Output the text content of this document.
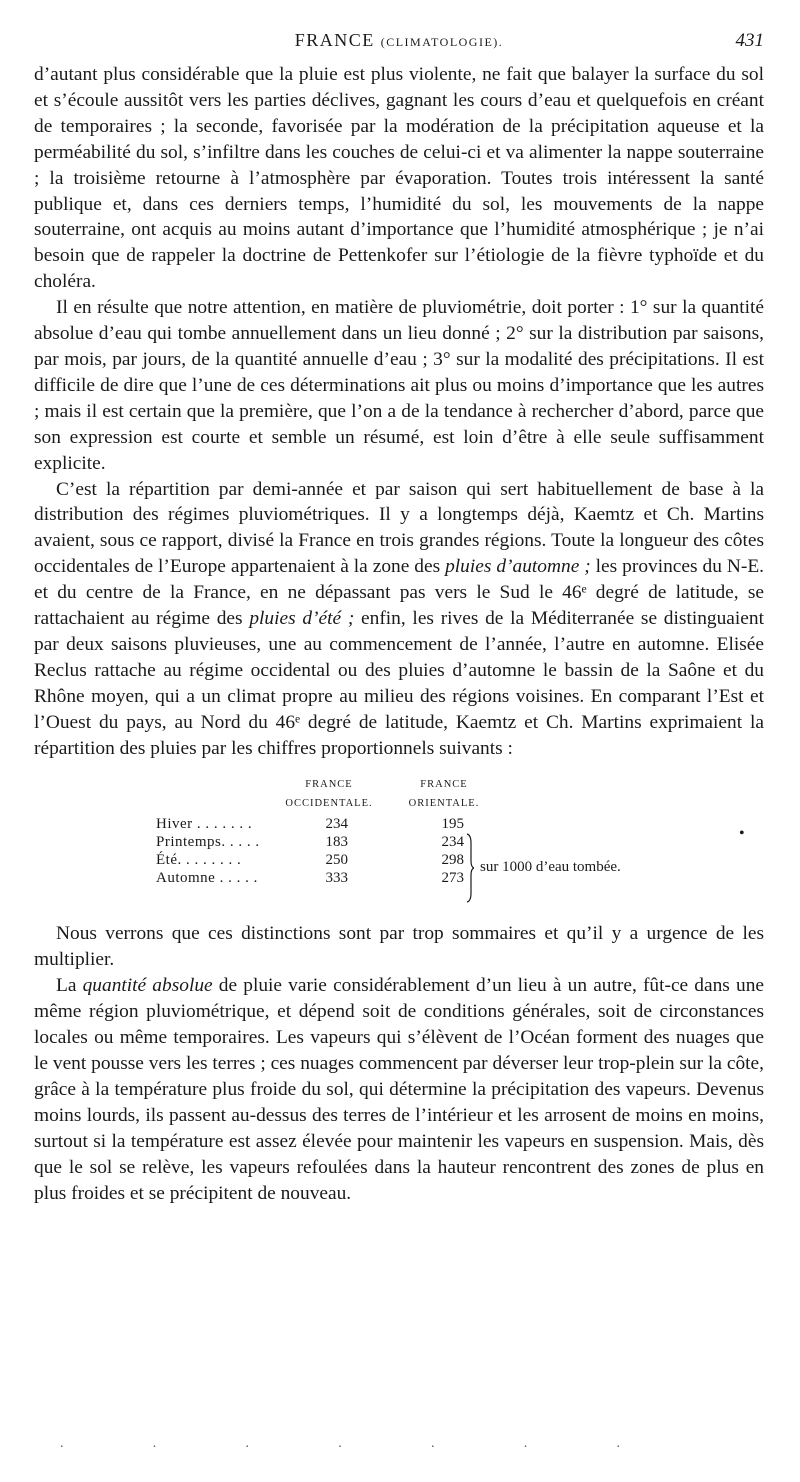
FRANCE (CLIMATOLOGIE).	431

d’autant plus considérable que la pluie est plus violente, ne fait que balayer la surface du sol et s’écoule aussitôt vers les parties déclives, gagnant les cours d’eau et quelquefois en créant de temporaires ; la seconde, favorisée par la modération de la précipitation aqueuse et la perméabilité du sol, s’infiltre dans les couches de celui-ci et va alimenter la nappe souterraine ; la troisième retourne à l’atmosphère par évaporation. Toutes trois intéressent la santé publique et, dans ces derniers temps, l’humidité du sol, les mouvements de la nappe souterraine, ont acquis au moins autant d’importance que l’humidité atmosphérique ; je n’ai besoin que de rappeler la doctrine de Pettenkofer sur l’étiologie de la fièvre typhoïde et du choléra.

Il en résulte que notre attention, en matière de pluviométrie, doit porter : 1° sur la quantité absolue d’eau qui tombe annuellement dans un lieu donné ; 2° sur la distribution par saisons, par mois, par jours, de la quantité annuelle d’eau ; 3° sur la modalité des précipitations. Il est difficile de dire que l’une de ces déterminations ait plus ou moins d’importance que les autres ; mais il est certain que la première, que l’on a de la tendance à rechercher d’abord, parce que son expression est courte et semble un résumé, est loin d’être à elle seule suffisamment explicite.

C’est la répartition par demi-année et par saison qui sert habituellement de base à la distribution des régimes pluviométriques. Il y a longtemps déjà, Kaemtz et Ch. Martins avaient, sous ce rapport, divisé la France en trois grandes régions. Toute la longueur des côtes occidentales de l’Europe appartenaient à la zone des pluies d’automne ; les provinces du N-E. et du centre de la France, en ne dépassant pas vers le Sud le 46ᵉ degré de latitude, se rattachaient au régime des pluies d’été ; enfin, les rives de la Méditerranée se distinguaient par deux saisons pluvieuses, une au commencement de l’année, l’autre en automne. Elisée Reclus rattache au régime occidental ou des pluies d’automne le bassin de la Saône et du Rhône moyen, qui a un climat propre au milieu des régions voisines. En comparant l’Est et l’Ouest du pays, au Nord du 46ᵉ degré de latitude, Kaemtz et Ch. Martins exprimaient la répartition des pluies par les chiffres proportionnels suivants :

FRANCE
OCCIDENTALE.
FRANCE
ORIENTALE.
Hiver . . . . . . .	234	195
Printemps. . . . .	183	234
Été. . . . . . . .	250	298
Automne . . . . .	333	273
sur 1000 d’eau tombée.
•

Nous verrons que ces distinctions sont par trop sommaires et qu’il y a urgence de les multiplier.

La quantité absolue de pluie varie considérablement d’un lieu à un autre, fût-ce dans une même région pluviométrique, et dépend soit de conditions générales, soit de circonstances locales ou même temporaires. Les vapeurs qui s’élèvent de l’Océan forment des nuages que le vent pousse vers les terres ; ces nuages commencent par déverser leur trop-plein sur la côte, grâce à la température plus froide du sol, qui détermine la précipitation des vapeurs. Devenus moins lourds, ils passent au-dessus des terres de l’intérieur et les arrosent de moins en moins, surtout si la température est assez élevée pour maintenir les vapeurs en suspension. Mais, dès que le sol se relève, les vapeurs refoulées dans la hauteur rencontrent des zones de plus en plus froides et se précipitent de nouveau.

.	.	.	.	.	.	.
